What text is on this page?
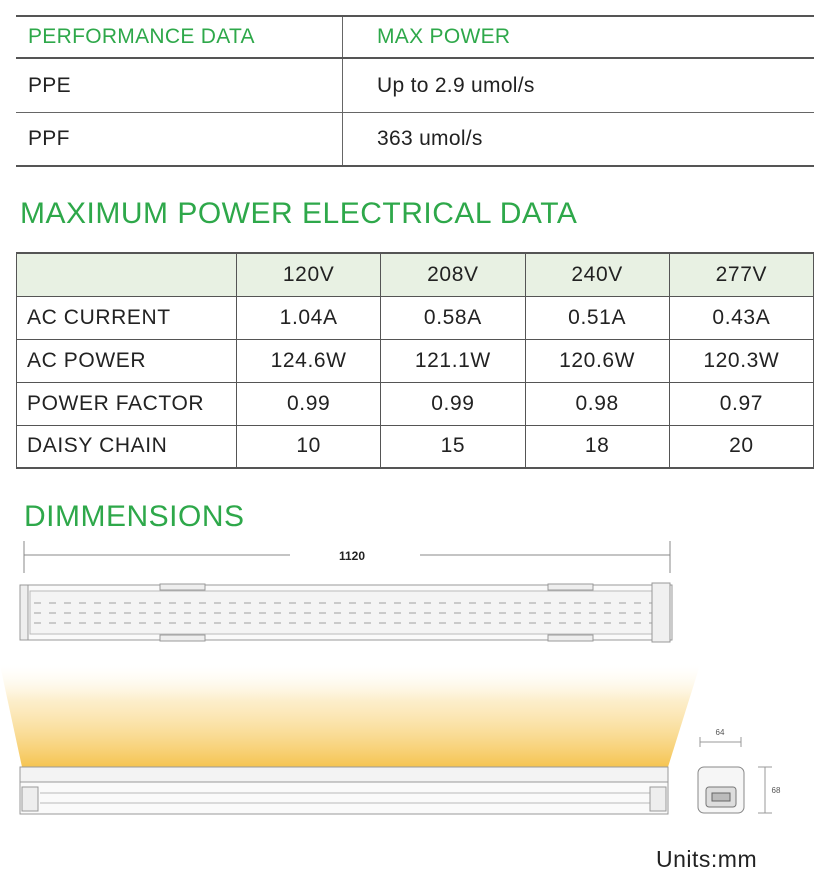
PERFORMANCE DATA	MAX POWER
PPE	Up to 2.9 umol/s
PPF	363 umol/s
MAXIMUM POWER ELECTRICAL DATA
	120V	208V	240V	277V
AC CURRENT	1.04A	0.58A	0.51A	0.43A
AC POWER	124.6W	121.1W	120.6W	120.3W
POWER FACTOR	0.99	0.99	0.98	0.97
DAISY CHAIN	10	15	18	20
DIMMENSIONS
1120
64
68
Units:mm
